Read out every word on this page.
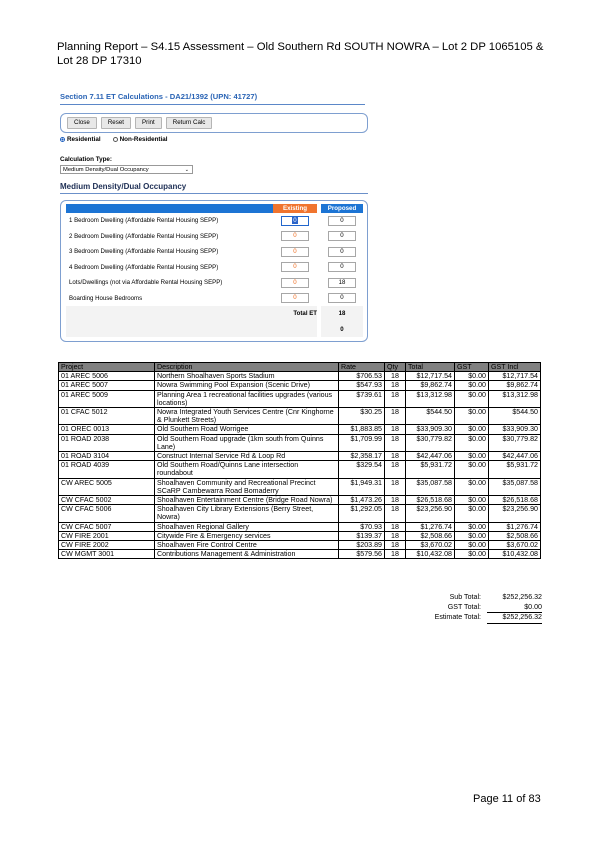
Planning Report – S4.15 Assessment – Old Southern Rd SOUTH NOWRA – Lot 2 DP 1065105 & Lot 28 DP 17310
Section 7.11 ET Calculations - DA21/1392 (UPN: 41727)
Close	Reset	Print	Return Calc
Residential	Non-Residential
Calculation Type:
Medium Density/Dual Occupancy	⌄
Medium Density/Dual Occupancy
	Existing		Proposed
1 Bedroom Dwelling (Affordable Rental Housing SEPP)	0		0

2 Bedroom Dwelling (Affordable Rental Housing SEPP)	0		0

3 Bedroom Dwelling (Affordable Rental Housing SEPP)	0		0

4 Bedroom Dwelling (Affordable Rental Housing SEPP)	0		0

Lots/Dwellings (not via Affordable Rental Housing SEPP)	0		18

Boarding House Bedrooms	0		0

Total ET			18
			0
Project	Description	Rate	Qty	Total	GST	GST Incl
01 AREC 5006	Northern Shoalhaven Sports Stadium	$706.53	18	$12,717.54	$0.00	$12,717.54
01 AREC 5007	Nowra Swimming Pool Expansion (Scenic Drive)	$547.93	18	$9,862.74	$0.00	$9,862.74
01 AREC 5009	Planning Area 1 recreational facilities upgrades (various locations)	$739.61	18	$13,312.98	$0.00	$13,312.98
01 CFAC 5012	Nowra Integrated Youth Services Centre (Cnr Kinghorne & Plunkett Streets)	$30.25	18	$544.50	$0.00	$544.50
01 OREC 0013	Old Southern Road Worrigee	$1,883.85	18	$33,909.30	$0.00	$33,909.30
01 ROAD 2038	Old Southern Road upgrade (1km south from Quinns Lane)	$1,709.99	18	$30,779.82	$0.00	$30,779.82
01 ROAD 3104	Construct Internal Service Rd & Loop Rd	$2,358.17	18	$42,447.06	$0.00	$42,447.06
01 ROAD 4039	Old Southern Road/Quinns Lane intersection roundabout	$329.54	18	$5,931.72	$0.00	$5,931.72
CW AREC 5005	Shoalhaven Community and Recreational Precinct SCaRP Cambewarra Road Bomaderry	$1,949.31	18	$35,087.58	$0.00	$35,087.58
CW CFAC 5002	Shoalhaven Entertainment Centre (Bridge Road Nowra)	$1,473.26	18	$26,518.68	$0.00	$26,518.68
CW CFAC 5006	Shoalhaven City Library Extensions (Berry Street, Nowra)	$1,292.05	18	$23,256.90	$0.00	$23,256.90
CW CFAC 5007	Shoalhaven Regional Gallery	$70.93	18	$1,276.74	$0.00	$1,276.74
CW FIRE 2001	Citywide Fire & Emergency services	$139.37	18	$2,508.66	$0.00	$2,508.66
CW FIRE 2002	Shoalhaven Fire Control Centre	$203.89	18	$3,670.02	$0.00	$3,670.02
CW MGMT 3001	Contributions Management & Administration	$579.56	18	$10,432.08	$0.00	$10,432.08
Sub Total:	$252,256.32
GST Total:	$0.00
Estimate Total:	$252,256.32
Page 11 of 83
